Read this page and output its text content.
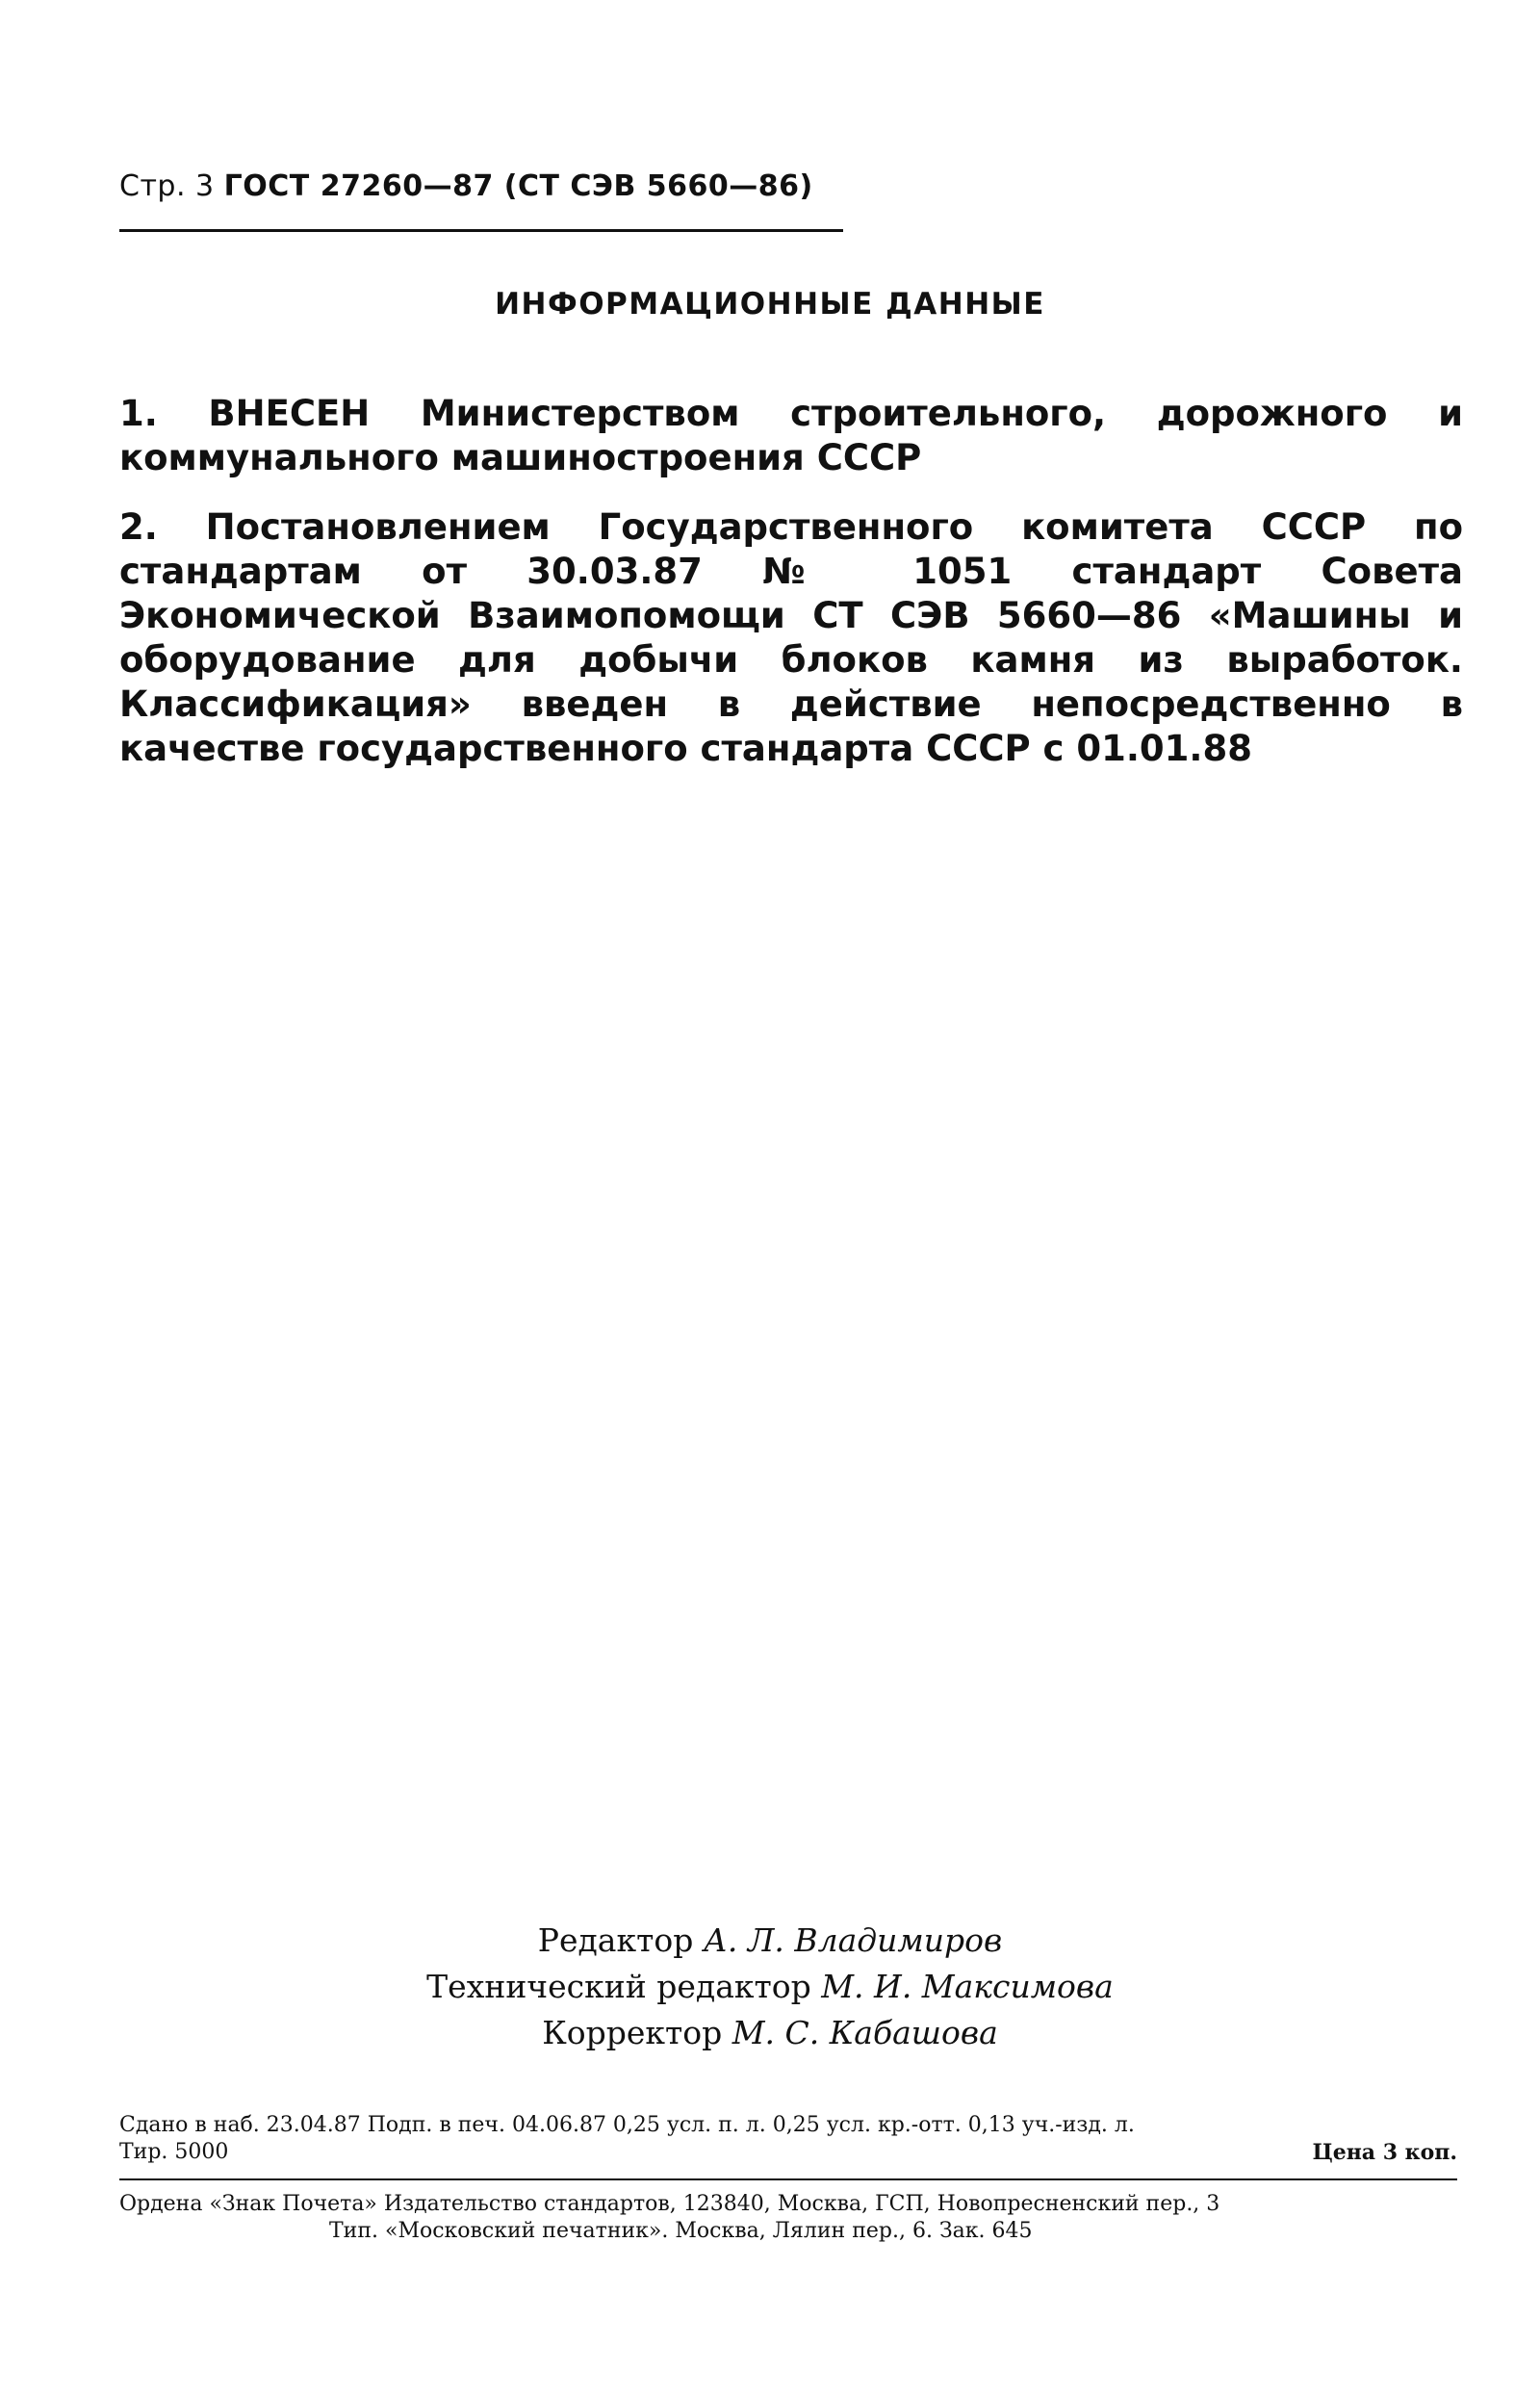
Стр. 3 ГОСТ 27260—87 (СТ СЭВ 5660—86)
ИНФОРМАЦИОННЫЕ ДАННЫЕ

1. ВНЕСЕН Министерством строительного, дорожного и коммунального машиностроения СССР

2. Постановлением Государственного комитета СССР по стандартам от 30.03.87 № 1051 стандарт Совета Экономической Взаимопомощи СТ СЭВ 5660—86 «Машины и оборудование для добычи блоков камня из выработок. Классификация» введен в действие непосредственно в качестве государственного стандарта СССР с 01.01.88

Редактор А. Л. Владимиров
Технический редактор М. И. Максимова
Корректор М. С. Кабашова
Сдано в наб. 23.04.87 Подп. в печ. 04.06.87 0,25 усл. п. л. 0,25 усл. кр.-отт. 0,13 уч.-изд. л.
Тир. 5000	Цена 3 коп.
Ордена «Знак Почета» Издательство стандартов, 123840, Москва, ГСП, Новопресненский пер., 3
Тип. «Московский печатник». Москва, Лялин пер., 6. Зак. 645
